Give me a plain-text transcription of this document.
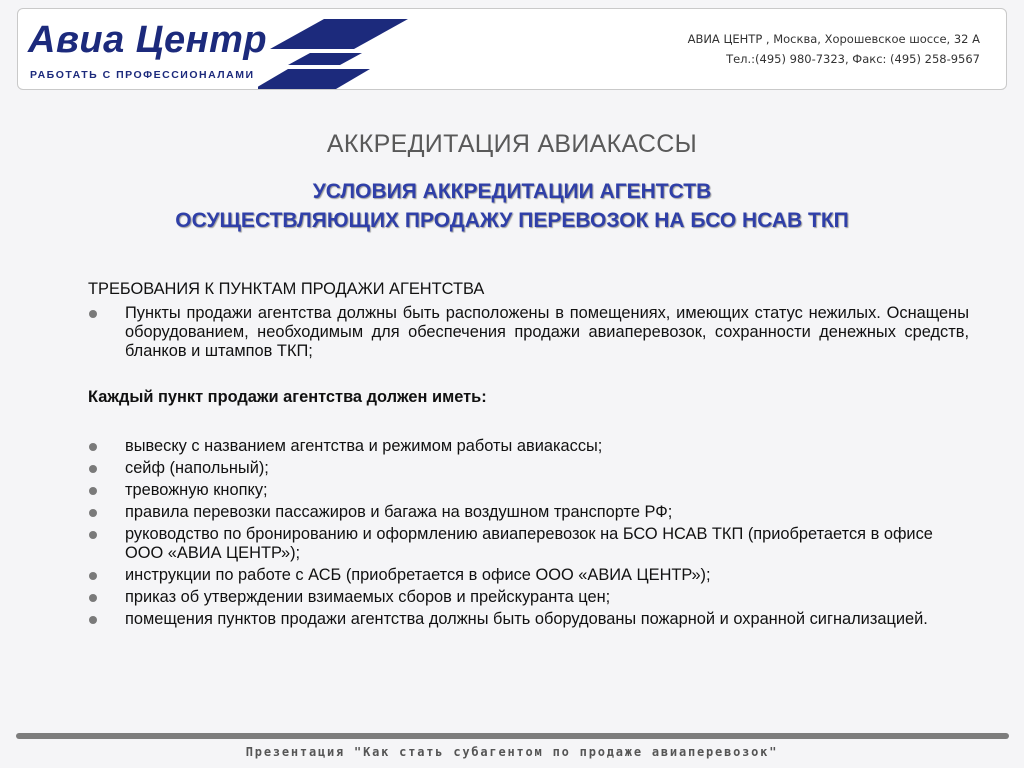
Авиа Центр
РАБОТАТЬ С ПРОФЕССИОНАЛАМИ
АВИА ЦЕНТР , Москва, Хорошевское шоссе, 32 А
Тел.:(495) 980-7323, Факс: (495) 258-9567
АККРЕДИТАЦИЯ АВИАКАССЫ
УСЛОВИЯ АККРЕДИТАЦИИ АГЕНТСТВ
ОСУЩЕСТВЛЯЮЩИХ ПРОДАЖУ ПЕРЕВОЗОК НА БСО НСАВ ТКП
ТРЕБОВАНИЯ К ПУНКТАМ ПРОДАЖИ АГЕНТСТВА
Пункты продажи агентства должны быть расположены в помещениях, имеющих статус нежилых. Оснащены оборудованием, необходимым для обеспечения продажи авиаперевозок, сохранности денежных средств, бланков и штампов ТКП;
Каждый пункт продажи агентства должен иметь:
вывеску с названием агентства и режимом работы авиакассы;
сейф (напольный);
тревожную кнопку;
правила перевозки пассажиров и багажа на воздушном транспорте РФ;
руководство по бронированию и оформлению авиаперевозок на БСО НСАВ ТКП (приобретается в офисе ООО «АВИА ЦЕНТР»);
инструкции по работе с АСБ (приобретается в офисе ООО «АВИА ЦЕНТР»);
приказ об утверждении взимаемых сборов и прейскуранта цен;
помещения пунктов продажи агентства должны быть оборудованы пожарной и охранной сигнализацией.
Презентация "Как стать субагентом по продаже авиаперевозок"
